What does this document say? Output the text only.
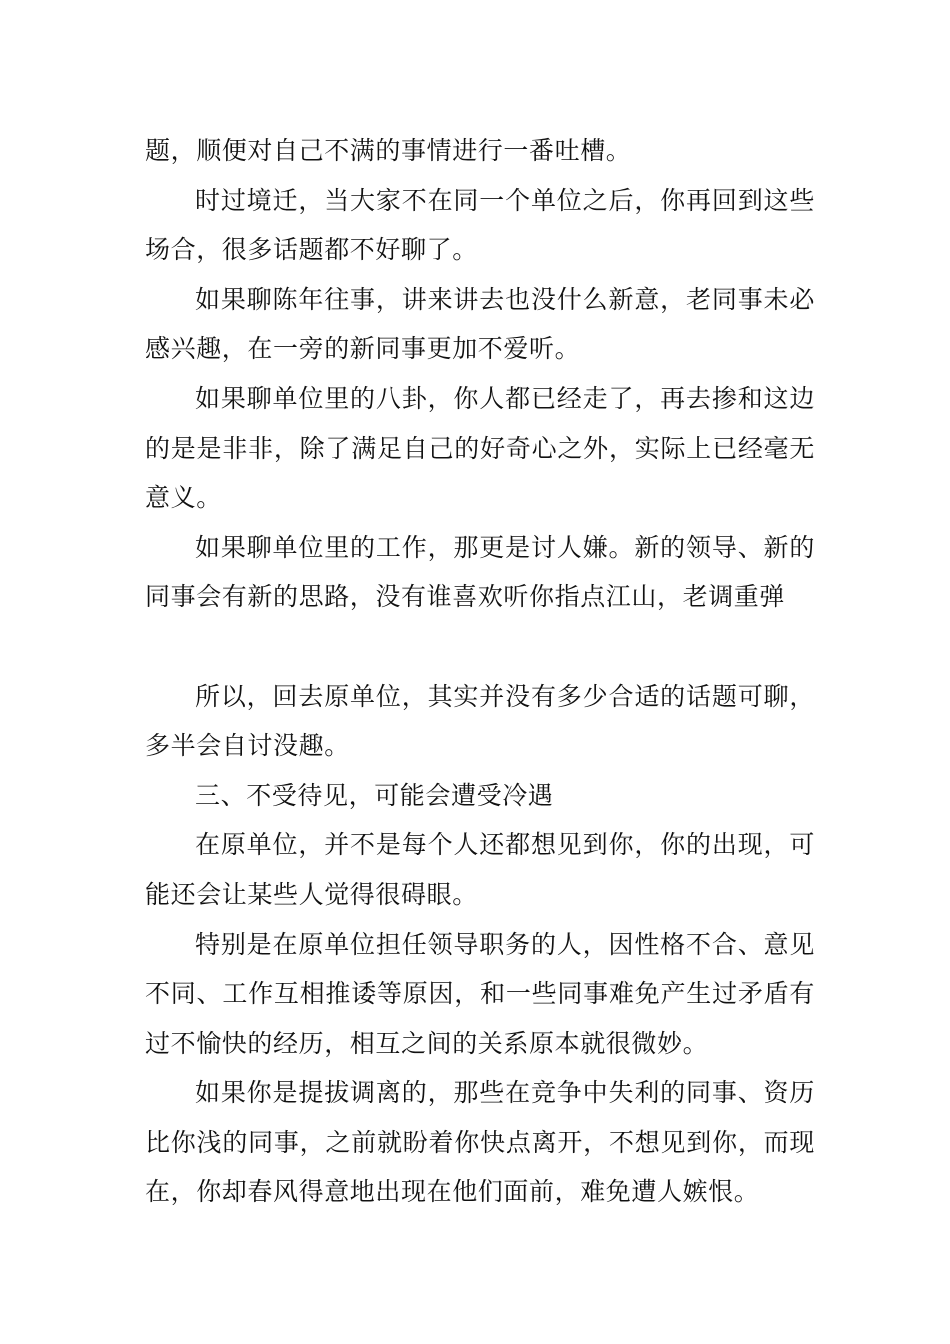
题，顺便对自己不满的事情进行一番吐槽。

时过境迁，当大家不在同一个单位之后，你再回到这些场合，很多话题都不好聊了。

如果聊陈年往事，讲来讲去也没什么新意，老同事未必感兴趣，在一旁的新同事更加不爱听。

如果聊单位里的八卦，你人都已经走了，再去掺和这边的是是非非，除了满足自己的好奇心之外，实际上已经毫无意义。

如果聊单位里的工作，那更是讨人嫌。新的领导、新的同事会有新的思路，没有谁喜欢听你指点江山，老调重弹

所以，回去原单位，其实并没有多少合适的话题可聊，多半会自讨没趣。

三、不受待见，可能会遭受冷遇

在原单位，并不是每个人还都想见到你，你的出现，可能还会让某些人觉得很碍眼。

特别是在原单位担任领导职务的人，因性格不合、意见不同、工作互相推诿等原因，和一些同事难免产生过矛盾有过不愉快的经历，相互之间的关系原本就很微妙。

如果你是提拔调离的，那些在竞争中失利的同事、资历比你浅的同事，之前就盼着你快点离开，不想见到你，而现在，你却春风得意地出现在他们面前，难免遭人嫉恨。
